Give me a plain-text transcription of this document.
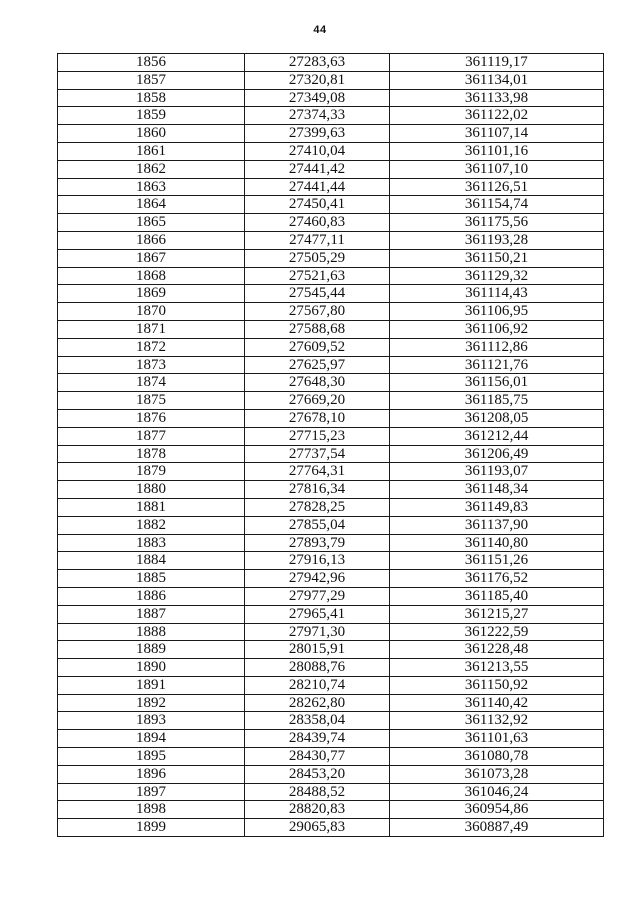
44
1856	27283,63	361119,17
1857	27320,81	361134,01
1858	27349,08	361133,98
1859	27374,33	361122,02
1860	27399,63	361107,14
1861	27410,04	361101,16
1862	27441,42	361107,10
1863	27441,44	361126,51
1864	27450,41	361154,74
1865	27460,83	361175,56
1866	27477,11	361193,28
1867	27505,29	361150,21
1868	27521,63	361129,32
1869	27545,44	361114,43
1870	27567,80	361106,95
1871	27588,68	361106,92
1872	27609,52	361112,86
1873	27625,97	361121,76
1874	27648,30	361156,01
1875	27669,20	361185,75
1876	27678,10	361208,05
1877	27715,23	361212,44
1878	27737,54	361206,49
1879	27764,31	361193,07
1880	27816,34	361148,34
1881	27828,25	361149,83
1882	27855,04	361137,90
1883	27893,79	361140,80
1884	27916,13	361151,26
1885	27942,96	361176,52
1886	27977,29	361185,40
1887	27965,41	361215,27
1888	27971,30	361222,59
1889	28015,91	361228,48
1890	28088,76	361213,55
1891	28210,74	361150,92
1892	28262,80	361140,42
1893	28358,04	361132,92
1894	28439,74	361101,63
1895	28430,77	361080,78
1896	28453,20	361073,28
1897	28488,52	361046,24
1898	28820,83	360954,86
1899	29065,83	360887,49
